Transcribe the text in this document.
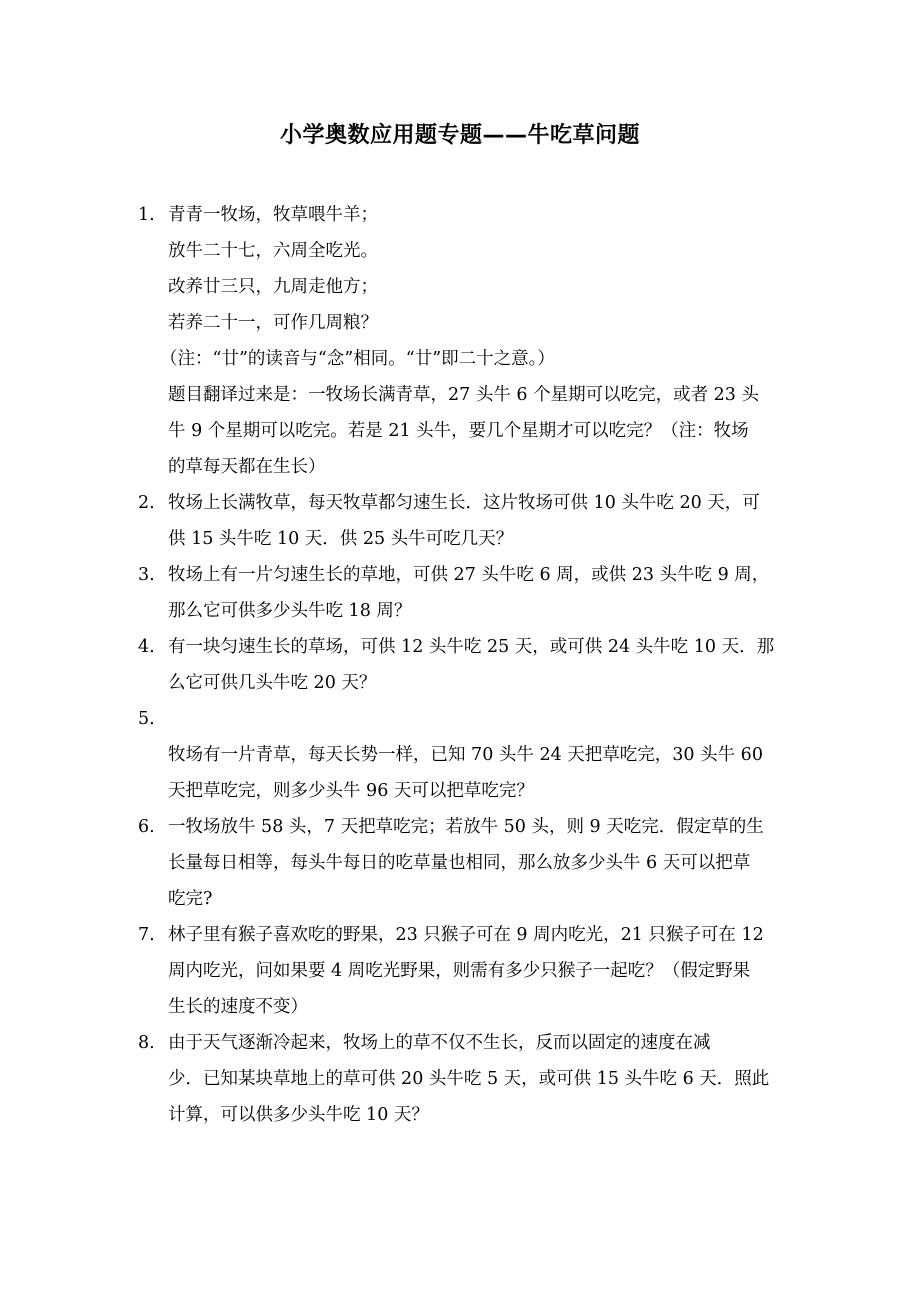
小学奥数应用题专题——牛吃草问题
1. 青青一牧场，牧草喂牛羊；
放牛二十七，六周全吃光。
改养廿三只，九周走他方；
若养二十一，可作几周粮？
（注：“廿”的读音与“念”相同。“廿”即二十之意。）
题目翻译过来是：一牧场长满青草，27 头牛 6 个星期可以吃完，或者 23 头
牛 9 个星期可以吃完。若是 21 头牛，要几个星期才可以吃完？（注：牧场
的草每天都在生长）
2. 牧场上长满牧草，每天牧草都匀速生长．这片牧场可供 10 头牛吃 20 天，可
供 15 头牛吃 10 天．供 25 头牛可吃几天？
3. 牧场上有一片匀速生长的草地，可供 27 头牛吃 6 周，或供 23 头牛吃 9 周，
那么它可供多少头牛吃 18 周？
4. 有一块匀速生长的草场，可供 12 头牛吃 25 天，或可供 24 头牛吃 10 天．那
么它可供几头牛吃 20 天？
5.
牧场有一片青草，每天长势一样，已知 70 头牛 24 天把草吃完，30 头牛 60
天把草吃完，则多少头牛 96 天可以把草吃完？
6. 一牧场放牛 58 头，7 天把草吃完；若放牛 50 头，则 9 天吃完．假定草的生
长量每日相等，每头牛每日的吃草量也相同，那么放多少头牛 6 天可以把草
吃完?
7. 林子里有猴子喜欢吃的野果，23 只猴子可在 9 周内吃光，21 只猴子可在 12
周内吃光，问如果要 4 周吃光野果，则需有多少只猴子一起吃？（假定野果
生长的速度不变）
8. 由于天气逐渐冷起来，牧场上的草不仅不生长，反而以固定的速度在减
少．已知某块草地上的草可供 20 头牛吃 5 天，或可供 15 头牛吃 6 天．照此
计算，可以供多少头牛吃 10 天？
